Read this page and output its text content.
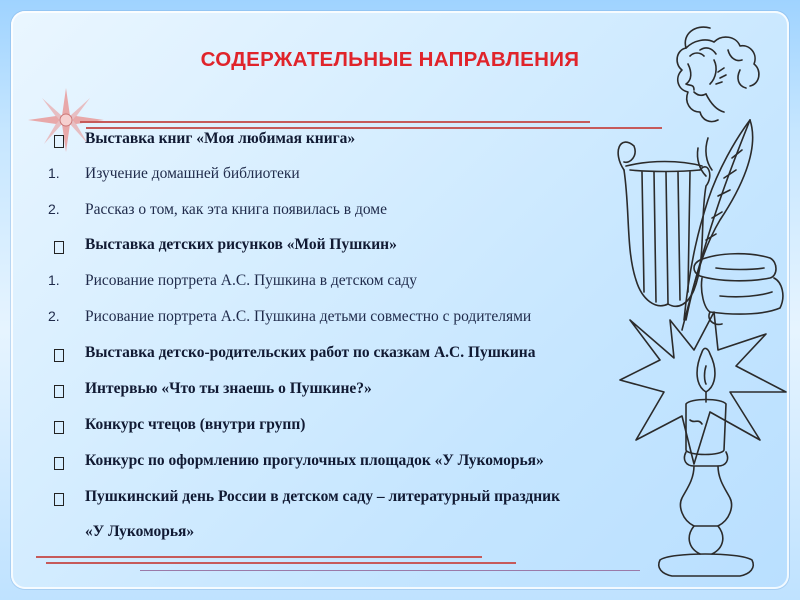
СОДЕРЖАТЕЛЬНЫЕ НАПРАВЛЕНИЯ
Выставка книг «Моя любимая книга»
1.	Изучение домашней библиотеки
2.	Рассказ о том, как эта книга появилась в доме
Выставка детских рисунков «Мой Пушкин»
1.	Рисование портрета А.С. Пушкина в детском саду
2.	Рисование портрета А.С. Пушкина детьми совместно с родителями
Выставка детско-родительских работ по сказкам А.С. Пушкина
Интервью «Что ты знаешь о Пушкине?»
Конкурс чтецов (внутри групп)
Конкурс по оформлению прогулочных площадок «У Лукоморья»
Пушкинский день России в детском саду – литературный праздник
«У Лукоморья»
